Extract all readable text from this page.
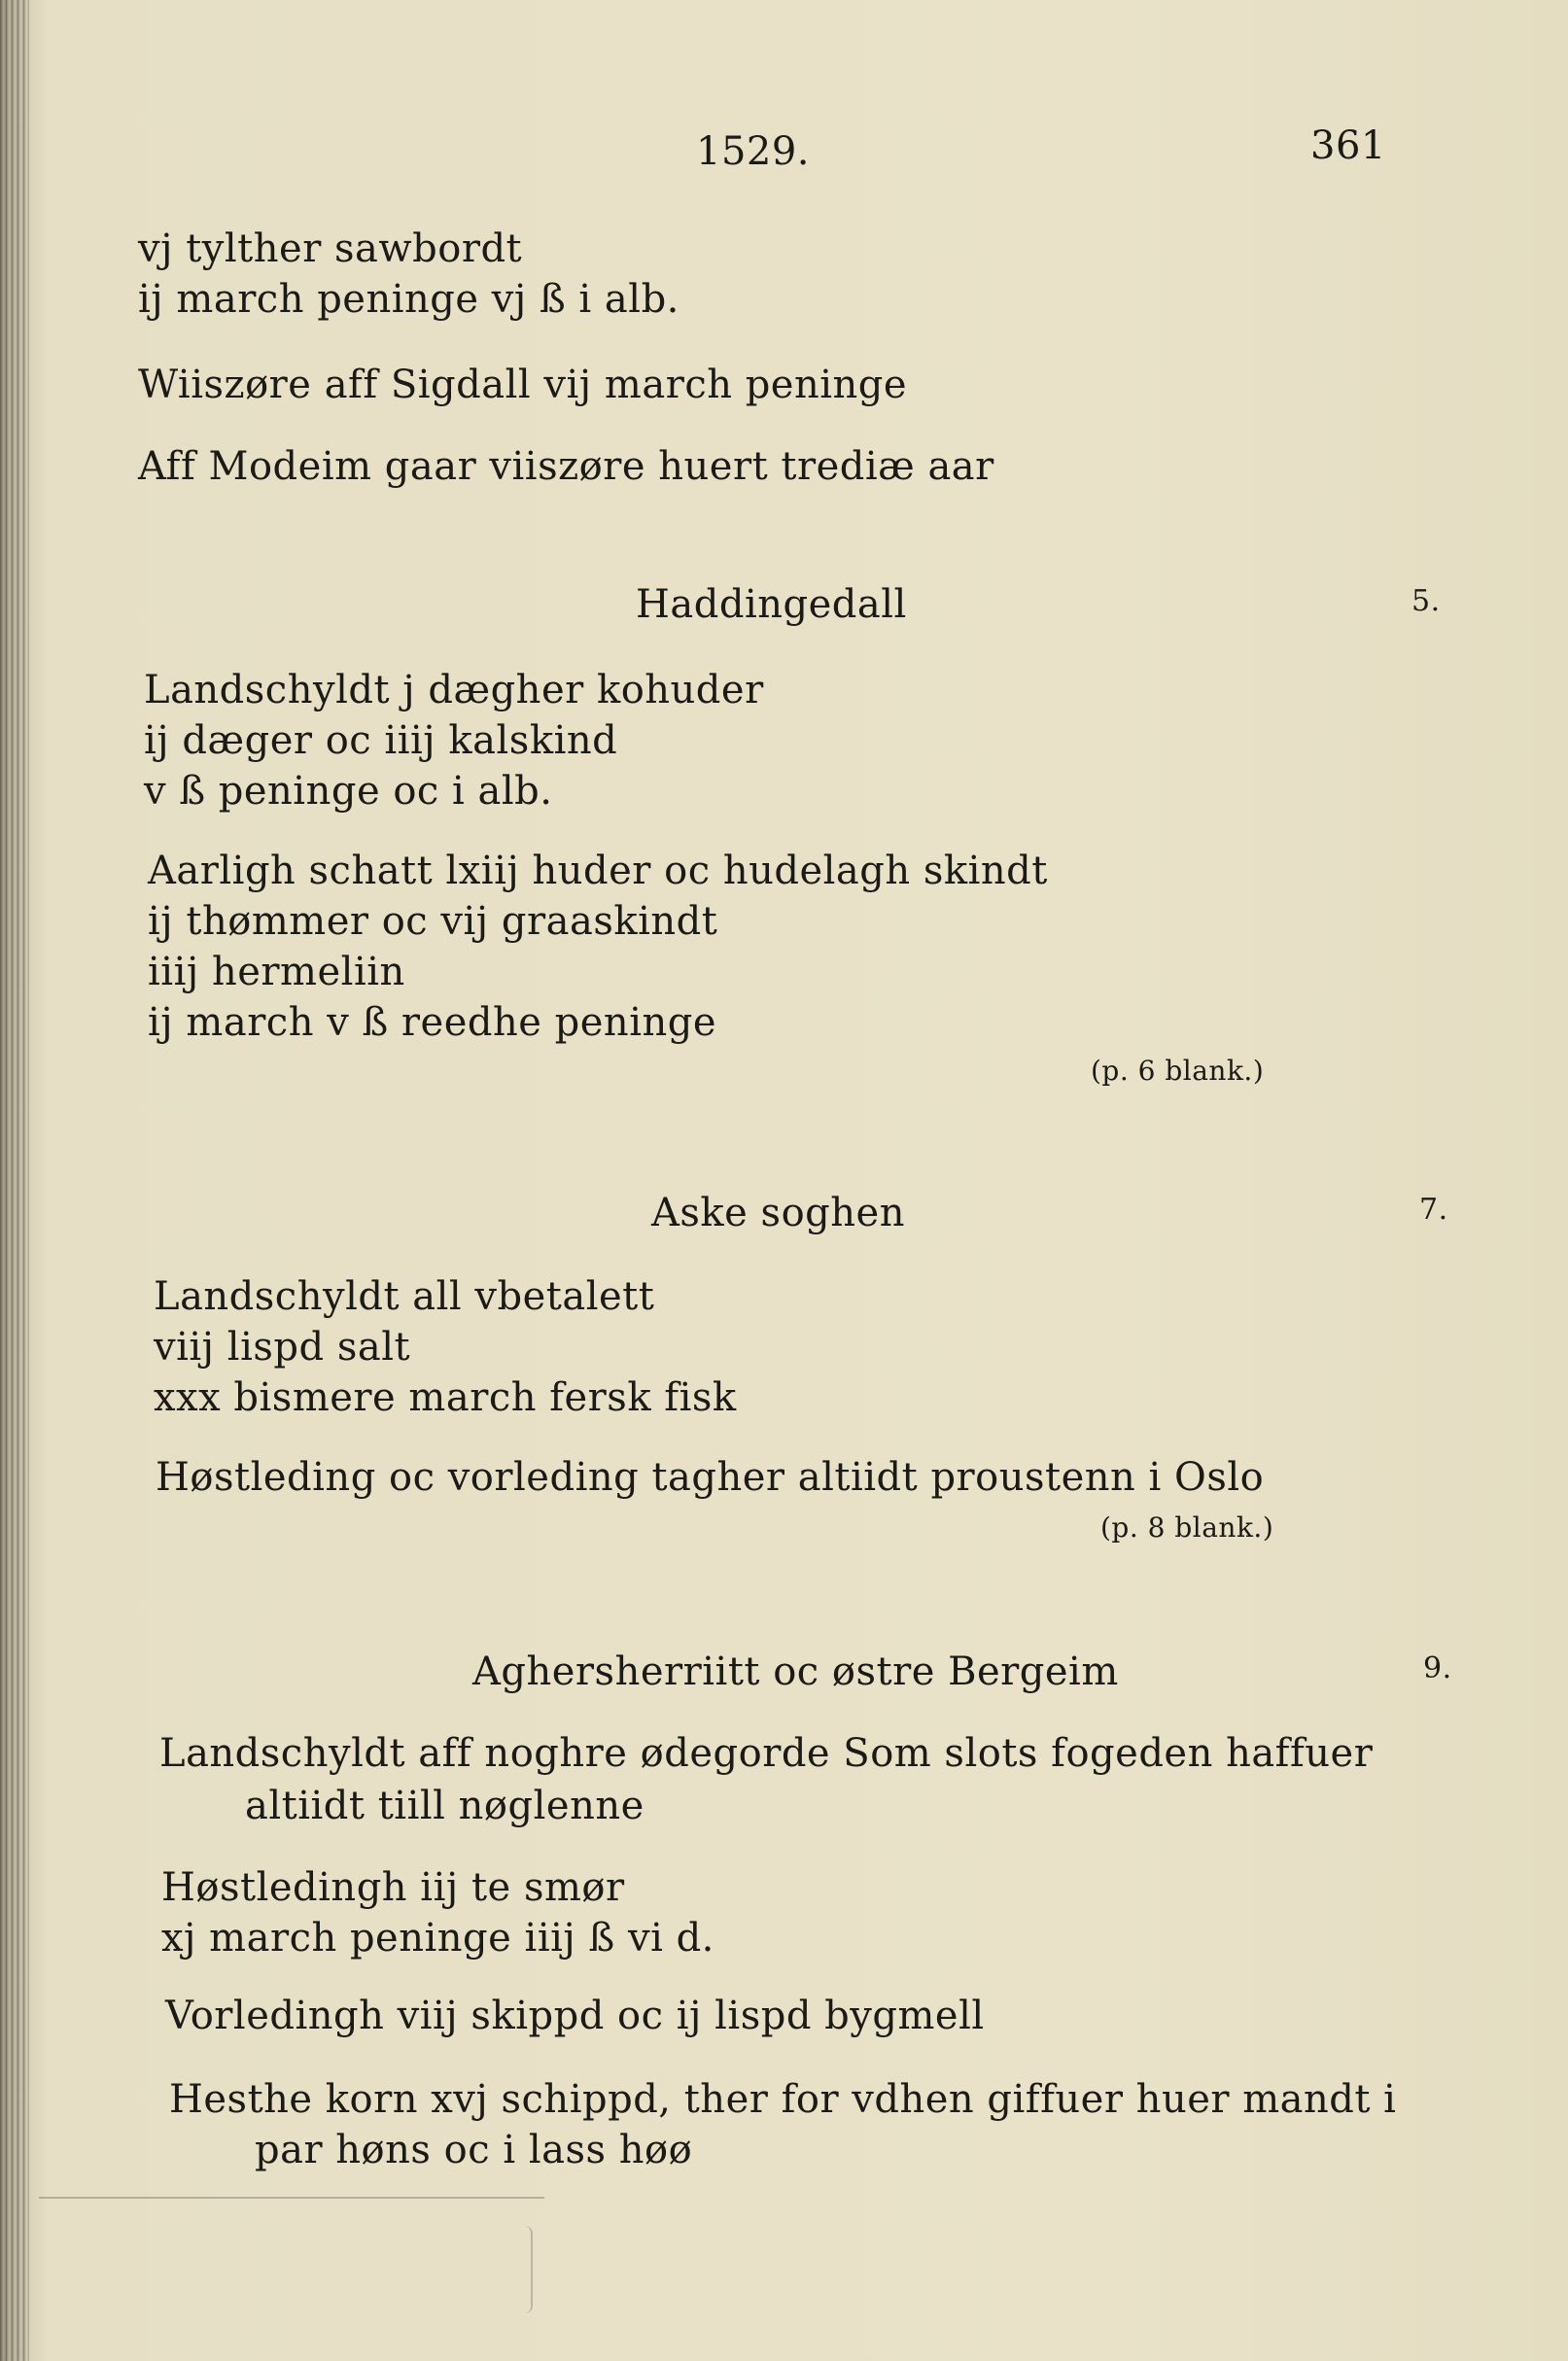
1529.	361
vj tylther sawbordt
ij march peninge vj ß i alb.
Wiiszøre aff Sigdall vij march peninge
Aff Modeim gaar viiszøre huert trediæ aar
Haddingedall	5.
Landschyldt j dægher kohuder
ij dæger oc iiij kalskind
v ß peninge oc i alb.
Aarligh schatt lxiij huder oc hudelagh skindt
ij thømmer oc vij graaskindt
iiij hermeliin
ij march v ß reedhe peninge
(p. 6 blank.)
Aske soghen	7.
Landschyldt all vbetalett
viij lispd salt
xxx bismere march fersk fisk
Høstleding oc vorleding tagher altiidt proustenn i Oslo
(p. 8 blank.)
Aghersherriitt oc østre Bergeim	9.
Landschyldt aff noghre ødegorde Som slots fogeden haffuer
altiidt tiill nøglenne
Høstledingh iij te smør
xj march peninge iiij ß vi d.
Vorledingh viij skippd oc ij lispd bygmell
Hesthe korn xvj schippd, ther for vdhen giffuer huer mandt i
par høns oc i lass høø
